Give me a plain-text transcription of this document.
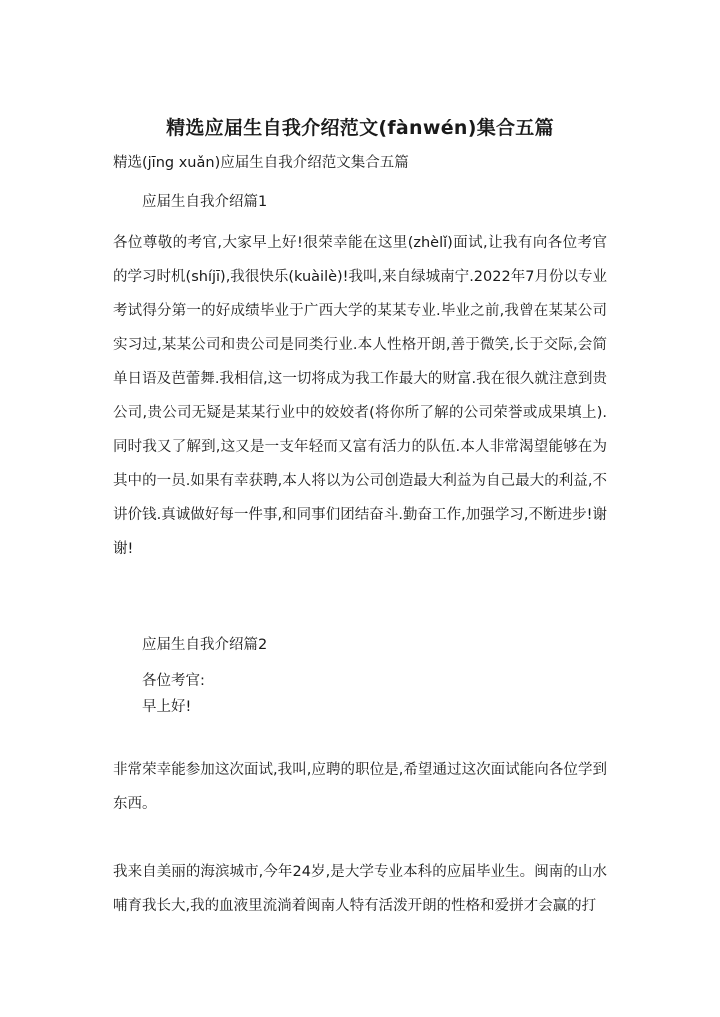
精选应届生自我介绍范文(fànwén)集合五篇
精选(jīng xuǎn)应届生自我介绍范文集合五篇
应届生自我介绍篇1

各位尊敬的考官,大家早上好!很荣幸能在这里(zhèlǐ)面试,让我有向各位考官的学习时机(shíjī),我很快乐(kuàilè)!我叫,来自绿城南宁.2022年7月份以专业考试得分第一的好成绩毕业于广西大学的某某专业.毕业之前,我曾在某某公司实习过,某某公司和贵公司是同类行业.本人性格开朗,善于微笑,长于交际,会简单日语及芭蕾舞.我相信,这一切将成为我工作最大的财富.我在很久就注意到贵公司,贵公司无疑是某某行业中的姣姣者(将你所了解的公司荣誉或成果填上).同时我又了解到,这又是一支年轻而又富有活力的队伍.本人非常渴望能够在为其中的一员.如果有幸获聘,本人将以为公司创造最大利益为自己最大的利益,不讲价钱.真诚做好每一件事,和同事们团结奋斗.勤奋工作,加强学习,不断进步!谢谢!

应届生自我介绍篇2
各位考官:
早上好!

非常荣幸能参加这次面试,我叫,应聘的职位是,希望通过这次面试能向各位学到东西。

我来自美丽的海滨城市,今年24岁,是大学专业本科的应届毕业生。闽南的山水哺育我长大,我的血液里流淌着闽南人特有活泼开朗的性格和爱拼才会赢的打
